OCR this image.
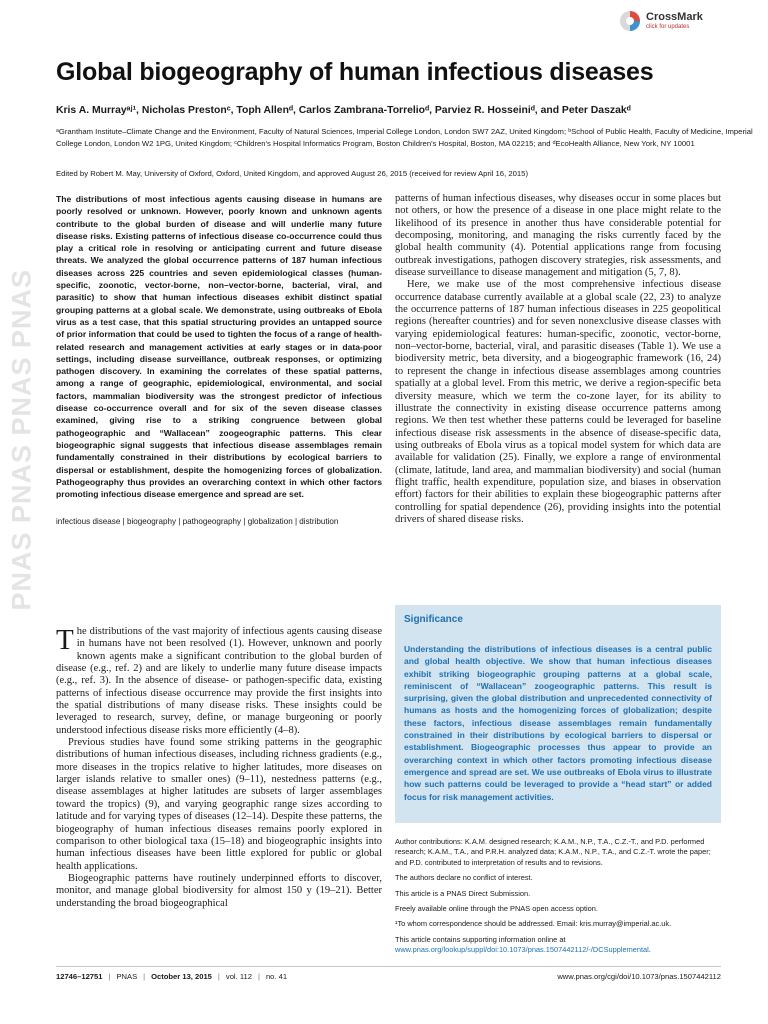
PNAS PNAS PNAS PNAS
CrossMark
click for updates
Global biogeography of human infectious diseases
Kris A. Murrayᵃʲ¹, Nicholas Prestonᶜ, Toph Allenᵈ, Carlos Zambrana-Torrelioᵈ, Parviez R. Hosseiniᵈ, and Peter Daszakᵈ
ᵃGrantham Institute–Climate Change and the Environment, Faculty of Natural Sciences, Imperial College London, London SW7 2AZ, United Kingdom; ᵇSchool of Public Health, Faculty of Medicine, Imperial College London, London W2 1PG, United Kingdom; ᶜChildren's Hospital Informatics Program, Boston Children's Hospital, Boston, MA 02215; and ᵈEcoHealth Alliance, New York, NY 10001
Edited by Robert M. May, University of Oxford, Oxford, United Kingdom, and approved August 26, 2015 (received for review April 16, 2015)

The distributions of most infectious agents causing disease in humans are poorly resolved or unknown. However, poorly known and unknown agents contribute to the global burden of disease and will underlie many future disease risks. Existing patterns of infectious disease co-occurrence could thus play a critical role in resolving or anticipating current and future disease threats. We analyzed the global occurrence patterns of 187 human infectious diseases across 225 countries and seven epidemiological classes (human-specific, zoonotic, vector-borne, non–vector-borne, bacterial, viral, and parasitic) to show that human infectious diseases exhibit distinct spatial grouping patterns at a global scale. We demonstrate, using outbreaks of Ebola virus as a test case, that this spatial structuring provides an untapped source of prior information that could be used to tighten the focus of a range of health-related research and management activities at early stages or in data-poor settings, including disease surveillance, outbreak responses, or optimizing pathogen discovery. In examining the correlates of these spatial patterns, among a range of geographic, epidemiological, environmental, and social factors, mammalian biodiversity was the strongest predictor of infectious disease co-occurrence overall and for six of the seven disease classes examined, giving rise to a striking congruence between global pathogeographic and “Wallacean” zoogeographic patterns. This clear biogeographic signal suggests that infectious disease assemblages remain fundamentally constrained in their distributions by ecological barriers to dispersal or establishment, despite the homogenizing forces of globalization. Pathogeography thus provides an overarching context in which other factors promoting infectious disease emergence and spread are set.

infectious disease | biogeography | pathogeography | globalization | distribution

The distributions of the vast majority of infectious agents causing disease in humans have not been resolved (1). However, unknown and poorly known agents make a significant contribution to the global burden of disease (e.g., ref. 2) and are likely to underlie many future disease impacts (e.g., ref. 3). In the absence of disease- or pathogen-specific data, existing patterns of infectious disease occurrence may provide the first insights into the spatial distributions of many disease risks. These insights could be leveraged to research, survey, define, or manage burgeoning or poorly understood infectious disease risks more efficiently (4–8).

Previous studies have found some striking patterns in the geographic distributions of human infectious diseases, including richness gradients (e.g., more diseases in the tropics relative to higher latitudes, more diseases on larger islands relative to smaller ones) (9–11), nestedness patterns (e.g., disease assemblages at higher latitudes are subsets of larger assemblages toward the tropics) (9), and varying geographic range sizes according to latitude and for varying types of diseases (12–14). Despite these patterns, the biogeography of human infectious diseases remains poorly explored in comparison to other biological taxa (15–18) and biogeographic insights into human infectious diseases have been little explored for public or global health applications.

Biogeographic patterns have routinely underpinned efforts to discover, monitor, and manage global biodiversity for almost 150 y (19–21). Better understanding the broad biogeographical

patterns of human infectious diseases, why diseases occur in some places but not others, or how the presence of a disease in one place might relate to the likelihood of its presence in another thus have considerable potential for decomposing, monitoring, and managing the risks currently faced by the global health community (4). Potential applications range from focusing outbreak investigations, pathogen discovery strategies, risk assessments, and disease surveillance to disease management and mitigation (5, 7, 8).

Here, we make use of the most comprehensive infectious disease occurrence database currently available at a global scale (22, 23) to analyze the occurrence patterns of 187 human infectious diseases in 225 geopolitical regions (hereafter countries) and for seven nonexclusive disease classes with varying epidemiological features: human-specific, zoonotic, vector-borne, non–vector-borne, bacterial, viral, and parasitic diseases (Table 1). We use a biodiversity metric, beta diversity, and a biogeographic framework (16, 24) to represent the change in infectious disease assemblages among countries spatially at a global level. From this metric, we derive a region-specific beta diversity measure, which we term the co-zone layer, for its ability to illustrate the connectivity in existing disease occurrence patterns among regions. We then test whether these patterns could be leveraged for baseline infectious disease risk assessments in the absence of disease-specific data, using outbreaks of Ebola virus as a topical model system for which data are available for validation (25). Finally, we explore a range of environmental (climate, latitude, land area, and mammalian biodiversity) and social (human flight traffic, health expenditure, population size, and biases in observation effort) factors for their abilities to explain these biogeographic patterns after controlling for spatial dependence (26), providing insights into the potential drivers of shared disease risks.

Significance

Understanding the distributions of infectious diseases is a central public and global health objective. We show that human infectious diseases exhibit striking biogeographic grouping patterns at a global scale, reminiscent of “Wallacean” zoogeographic patterns. This result is surprising, given the global distribution and unprecedented connectivity of humans as hosts and the homogenizing forces of globalization; despite these factors, infectious disease assemblages remain fundamentally constrained in their distributions by ecological barriers to dispersal or establishment. Biogeographic processes thus appear to provide an overarching context in which other factors promoting infectious disease emergence and spread are set. We use outbreaks of Ebola virus to illustrate how such patterns could be leveraged to provide a “head start” or added focus for risk management activities.

Author contributions: K.A.M. designed research; K.A.M., N.P., T.A., C.Z.-T., and P.D. performed research; K.A.M., T.A., and P.R.H. analyzed data; K.A.M., N.P., T.A., and C.Z.-T. wrote the paper; and P.D. contributed to interpretation of results and to revisions.

The authors declare no conflict of interest.

This article is a PNAS Direct Submission.

Freely available online through the PNAS open access option.

¹To whom correspondence should be addressed. Email: kris.murray@imperial.ac.uk.

This article contains supporting information online at www.pnas.org/lookup/suppl/doi:10.1073/pnas.1507442112/-/DCSupplemental.

12746–12751 | PNAS | October 13, 2015 | vol. 112 | no. 41	www.pnas.org/cgi/doi/10.1073/pnas.1507442112
